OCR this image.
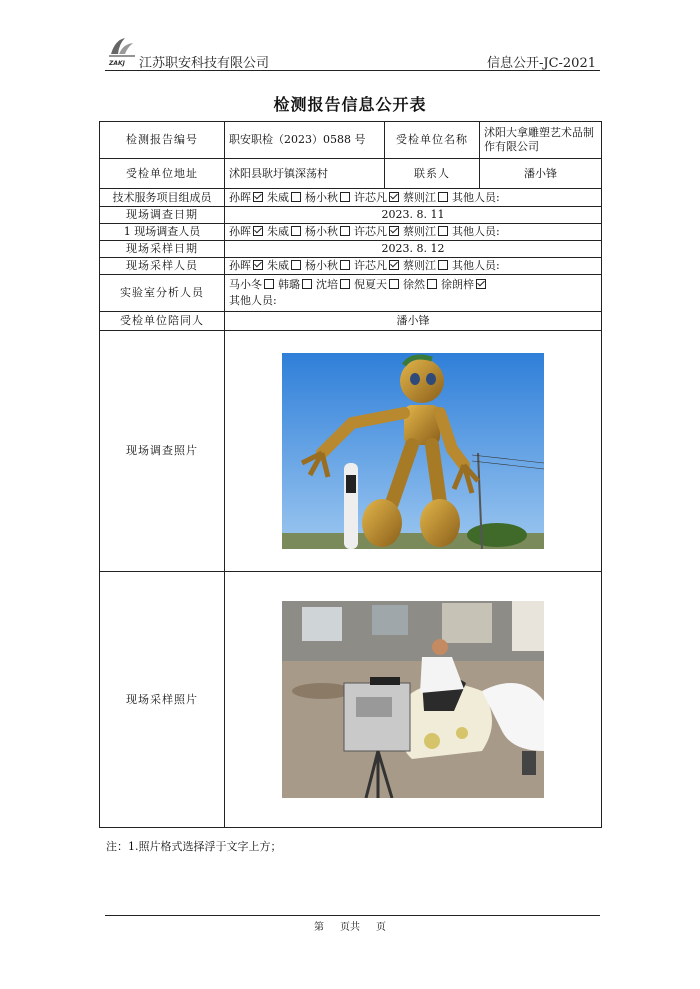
ZAKJ 江苏职安科技有限公司	信息公开-JC-2021
检测报告信息公开表
检测报告编号	职安职检（2023）0588 号	受检单位名称	沭阳大拿雕塑艺术品制作有限公司
受检单位地址	沭阳县耿圩镇深荡村	联系人	潘小锋
技术服务项目组成员	孙晖 朱威 杨小秋 许芯凡 蔡则江 其他人员:		
现场调查日期	2023. 8. 11		
1 现场调查人员	孙晖 朱威 杨小秋 许芯凡 蔡则江 其他人员:		
现场采样日期	2023. 8. 12		
现场采样人员	孙晖 朱威 杨小秋 许芯凡 蔡则江 其他人员:		
实验室分析人员	马小冬 韩璐 沈培 倪夏天 徐然 徐朗梓
其他人员:		
受检单位陪同人	潘小锋		
现场调查照片	

现场采样照片	
注：1.照片格式选择浮于文字上方；
第 页共 页
